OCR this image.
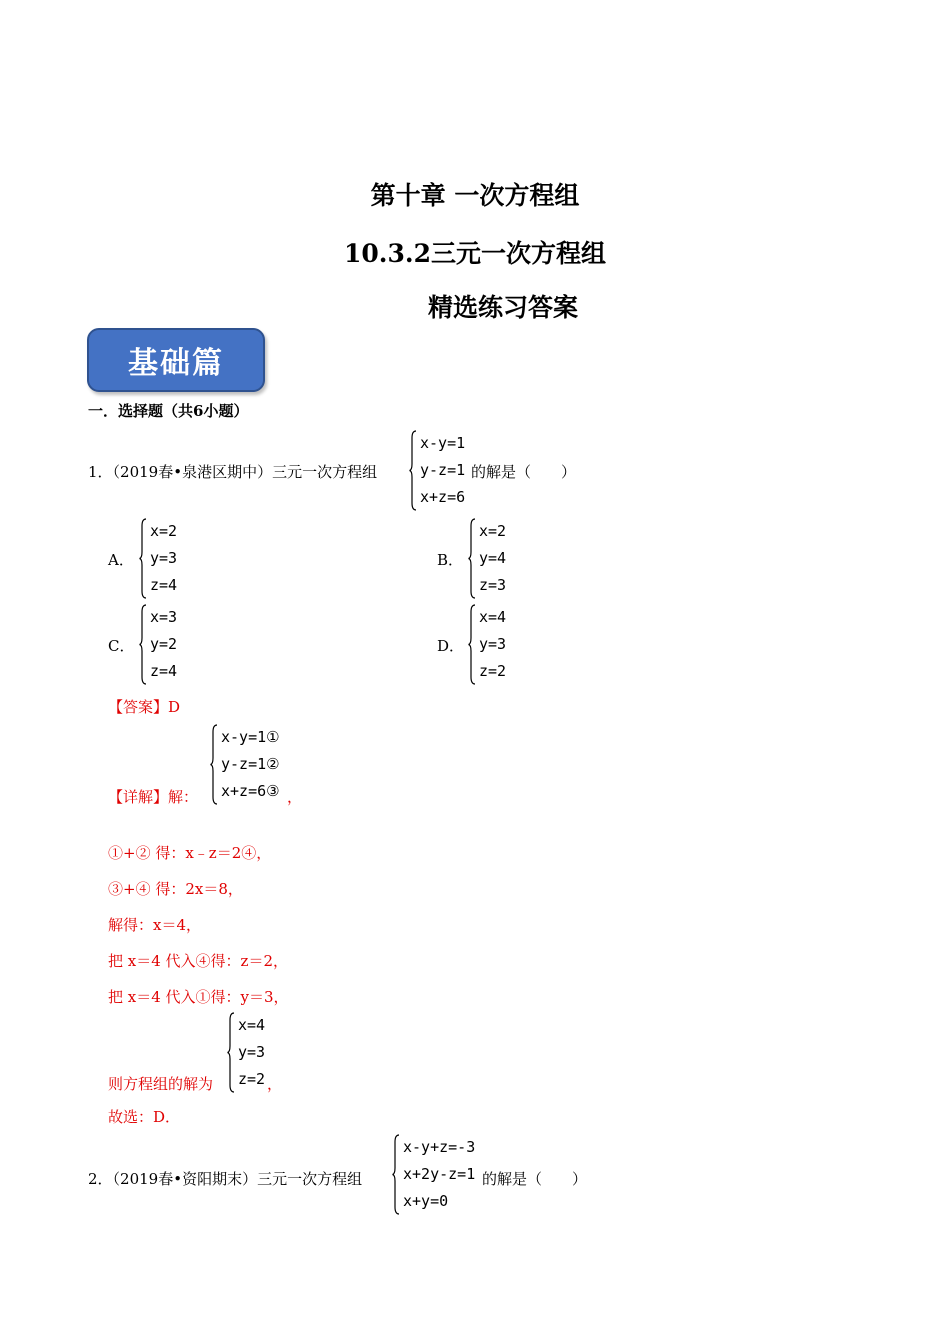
第十章 一次方程组
10.3.2三元一次方程组
精选练习答案
基础篇
一．选择题（共6小题）
1．（2019春•泉港区期中）三元一次方程组
x-y=1
y-z=1
x+z=6
的解是（　　）
A．
x=2
y=3
z=4
B．
x=2
y=4
z=3
C．
x=3
y=2
z=4
D．
x=4
y=3
z=2
【答案】D
【详解】解：
x-y=1①
y-z=1②
x+z=6③ ，
①+② 得：x﹣z＝2④，
③+④ 得：2x＝8，
解得：x＝4，
把 x＝4 代入④得：z＝2，
把 x＝4 代入①得：y＝3，
则方程组的解为
x=4
y=3
z=2 ，
故选：D．
2．（2019春•资阳期末）三元一次方程组
x-y+z=-3
x+2y-z=1
x+y=0
的解是（　　）
